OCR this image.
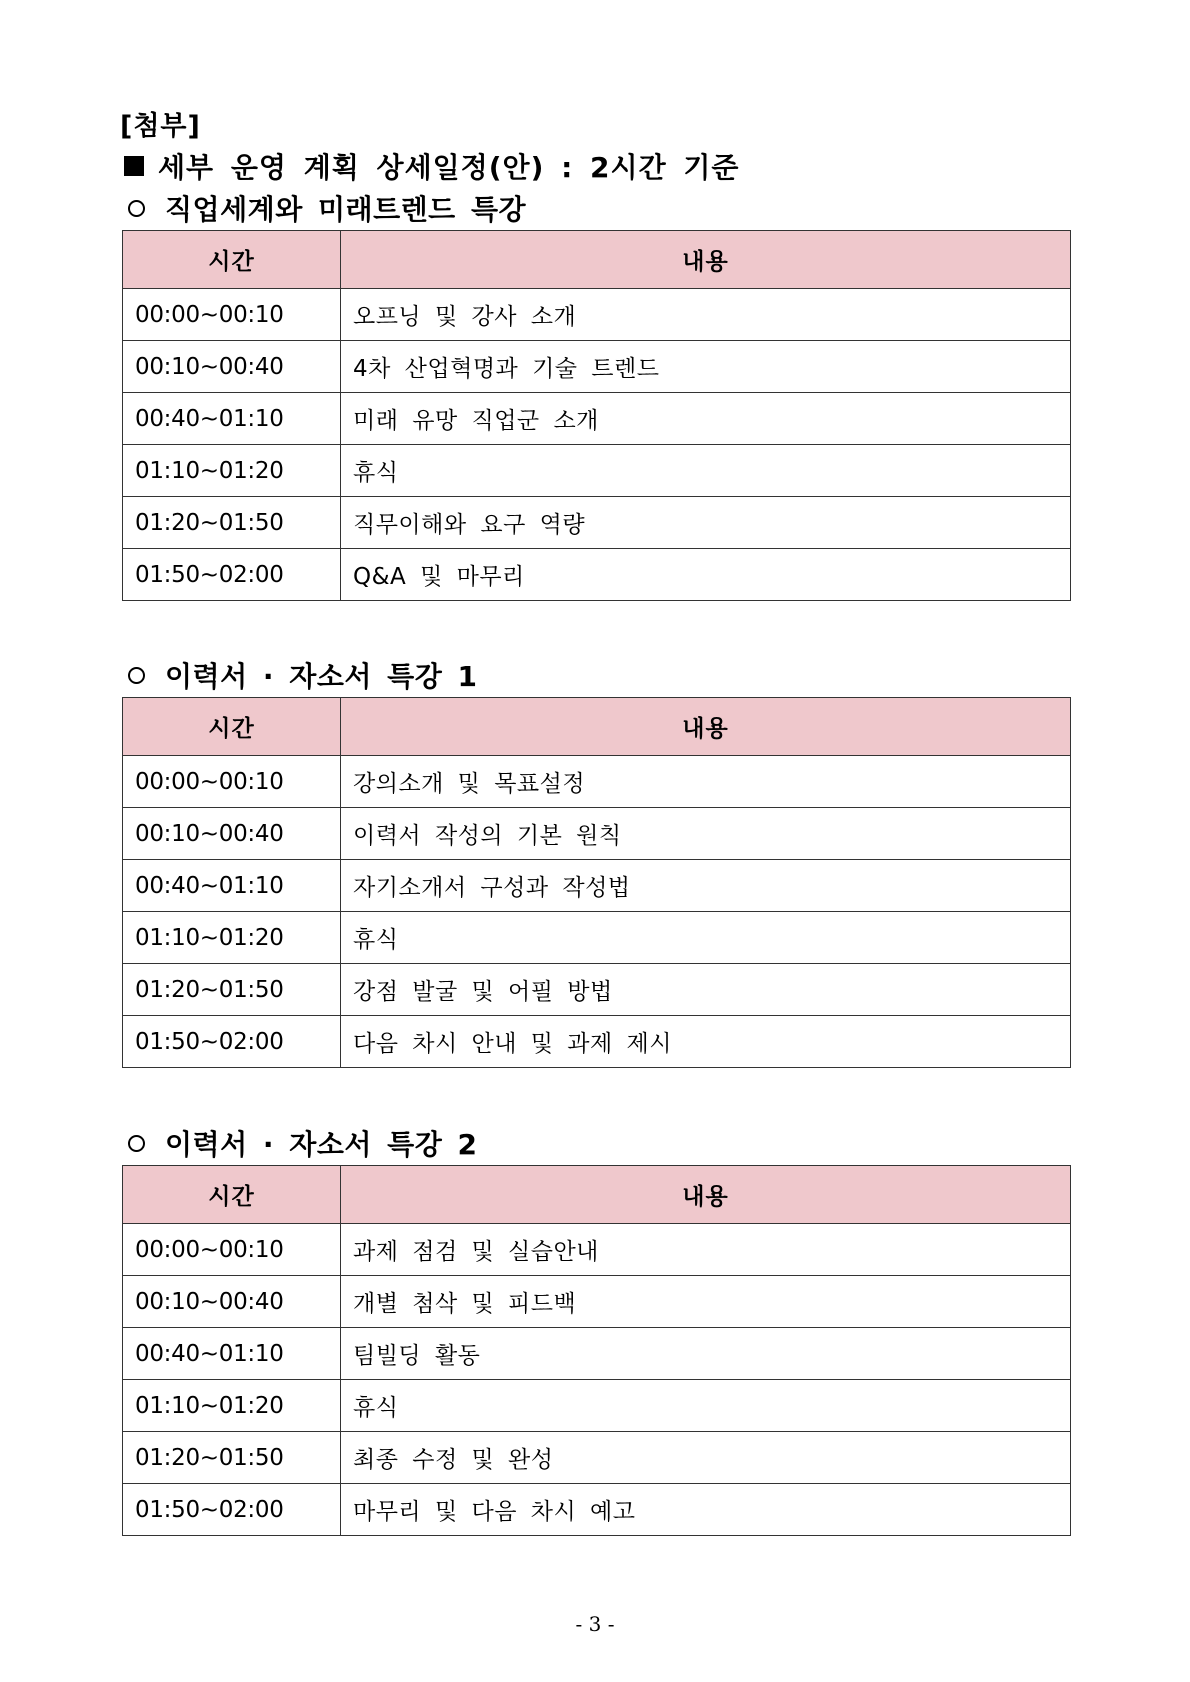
[첨부]
세부 운영 계획 상세일정(안) : 2시간 기준
직업세계와 미래트렌드 특강
시간	내용
00:00~00:10	오프닝 및 강사 소개
00:10~00:40	4차 산업혁명과 기술 트렌드
00:40~01:10	미래 유망 직업군 소개
01:10~01:20	휴식
01:20~01:50	직무이해와 요구 역량
01:50~02:00	Q&A 및 마무리
이력서 · 자소서 특강 1
시간	내용
00:00~00:10	강의소개 및 목표설정
00:10~00:40	이력서 작성의 기본 원칙
00:40~01:10	자기소개서 구성과 작성법
01:10~01:20	휴식
01:20~01:50	강점 발굴 및 어필 방법
01:50~02:00	다음 차시 안내 및 과제 제시
이력서 · 자소서 특강 2
시간	내용
00:00~00:10	과제 점검 및 실습안내
00:10~00:40	개별 첨삭 및 피드백
00:40~01:10	팀빌딩 활동
01:10~01:20	휴식
01:20~01:50	최종 수정 및 완성
01:50~02:00	마무리 및 다음 차시 예고
- 3 -
